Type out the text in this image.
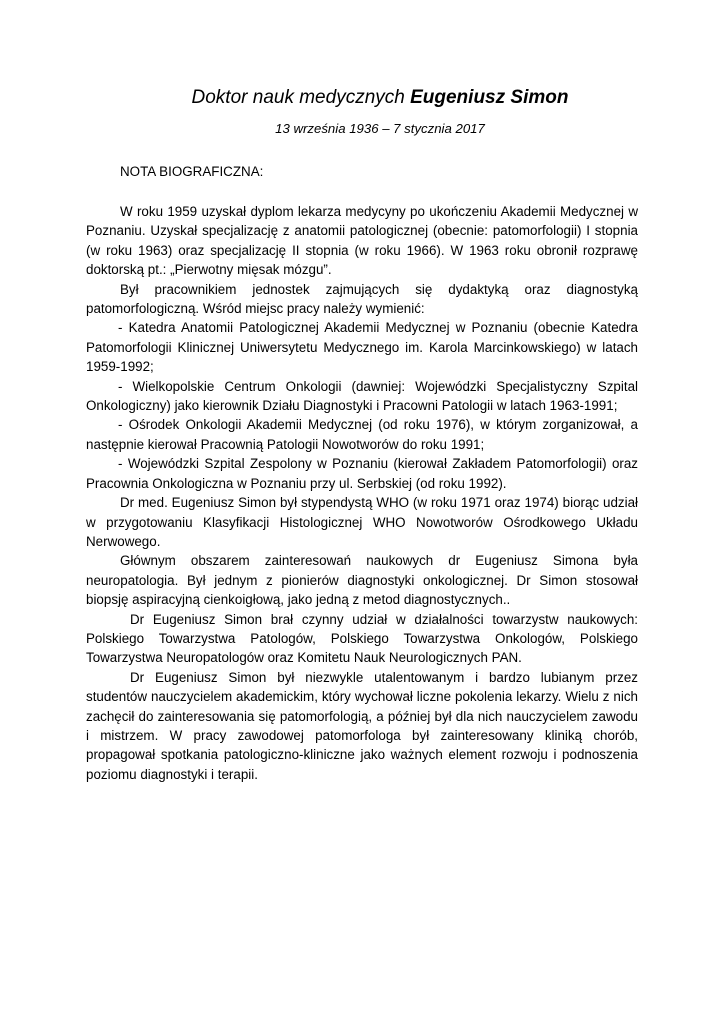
Doktor nauk medycznych Eugeniusz Simon
13 września 1936 – 7 stycznia 2017
NOTA BIOGRAFICZNA:

W roku 1959 uzyskał dyplom lekarza medycyny po ukończeniu Akademii Medycznej w Poznaniu. Uzyskał specjalizację z anatomii patologicznej (obecnie: patomorfologii) I stopnia (w roku 1963) oraz specjalizację II stopnia (w roku 1966). W 1963 roku obronił rozprawę doktorską pt.: „Pierwotny mięsak mózgu”.

Był pracownikiem jednostek zajmujących się dydaktyką oraz diagnostyką patomorfologiczną. Wśród miejsc pracy należy wymienić:

- Katedra Anatomii Patologicznej Akademii Medycznej w Poznaniu (obecnie Katedra Patomorfologii Klinicznej Uniwersytetu Medycznego im. Karola Marcinkowskiego) w latach 1959-1992;

- Wielkopolskie Centrum Onkologii (dawniej: Wojewódzki Specjalistyczny Szpital Onkologiczny) jako kierownik Działu Diagnostyki i Pracowni Patologii w latach 1963-1991;

- Ośrodek Onkologii Akademii Medycznej (od roku 1976), w którym zorganizował, a następnie kierował Pracownią Patologii Nowotworów do roku 1991;

- Wojewódzki Szpital Zespolony w Poznaniu (kierował Zakładem Patomorfologii) oraz Pracownia Onkologiczna w Poznaniu przy ul. Serbskiej (od roku 1992).

Dr med. Eugeniusz Simon był stypendystą WHO (w roku 1971 oraz 1974) biorąc udział w przygotowaniu Klasyfikacji Histologicznej WHO Nowotworów Ośrodkowego Układu Nerwowego.

Głównym obszarem zainteresowań naukowych dr Eugeniusz Simona była neuropatologia. Był jednym z pionierów diagnostyki onkologicznej. Dr Simon stosował biopsję aspiracyjną cienkoigłową, jako jedną z metod diagnostycznych..

Dr Eugeniusz Simon brał czynny udział w działalności towarzystw naukowych: Polskiego Towarzystwa Patologów, Polskiego Towarzystwa Onkologów, Polskiego Towarzystwa Neuropatologów oraz Komitetu Nauk Neurologicznych PAN.

Dr Eugeniusz Simon był niezwykle utalentowanym i bardzo lubianym przez studentów nauczycielem akademickim, który wychował liczne pokolenia lekarzy. Wielu z nich zachęcił do zainteresowania się patomorfologią, a później był dla nich nauczycielem zawodu i mistrzem. W pracy zawodowej patomorfologa był zainteresowany kliniką chorób, propagował spotkania patologiczno-kliniczne jako ważnych element rozwoju i podnoszenia poziomu diagnostyki i terapii.
